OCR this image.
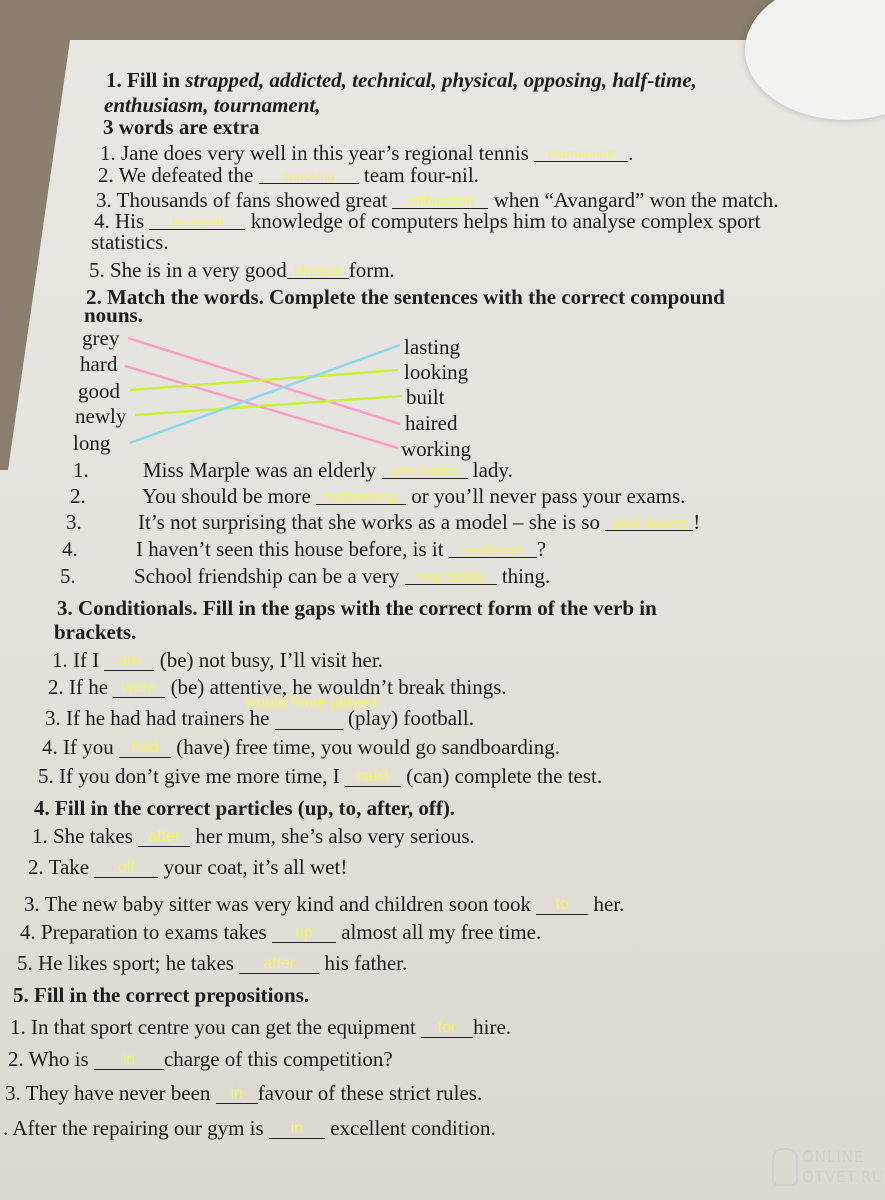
1. Fill in strapped, addicted, technical, physical, opposing, half-time,
enthusiasm, tournament,
3 words are extra
1. Jane does very well in this year’s regional tennis tournament .
2. We defeated the opposing team four-nil.
3. Thousands of fans showed great enthusiasm when “Avangard” won the match.
4. His technical knowledge of computers helps him to analyse complex sport
statistics.
5. She is in a very good physical form.
2. Match the words. Complete the sentences with the correct compound
nouns.
grey
hard
good
newly
long
lasting
looking
built
haired
working
1.	Miss Marple was an elderly grey-haired lady.
2.	You should be more hardworking or you’ll never pass your exams.
3.	It’s not surprising that she works as a model – she is so good-looking !
4.	I haven’t seen this house before, is it newly-built ?
5.	School friendship can be a very long-lasting thing.
3. Conditionals. Fill in the gaps with the correct form of the verb in
brackets.
1. If I am (be) not busy, I’ll visit her.
2. If he were (be) attentive, he wouldn’t break things.
3. If he had had trainers he
would have played
(play) football.
4. If you had (have) free time, you would go sandboarding.
5. If you don’t give me more time, I can't (can) complete the test.
4. Fill in the correct particles (up, to, after, off).
1. She takes after her mum, she’s also very serious.
2. Take off your coat, it’s all wet!
3. The new baby sitter was very kind and children soon took to her.
4. Preparation to exams takes up almost all my free time.
5. He likes sport; he takes after his father.
5. Fill in the correct prepositions.
1. In that sport centre you can get the equipment for hire.
2. Who is in charge of this competition?
3. They have never been in favour of these strict rules.
. After the repairing our gym is in excellent condition.
ONLINE
OTVET.RU
